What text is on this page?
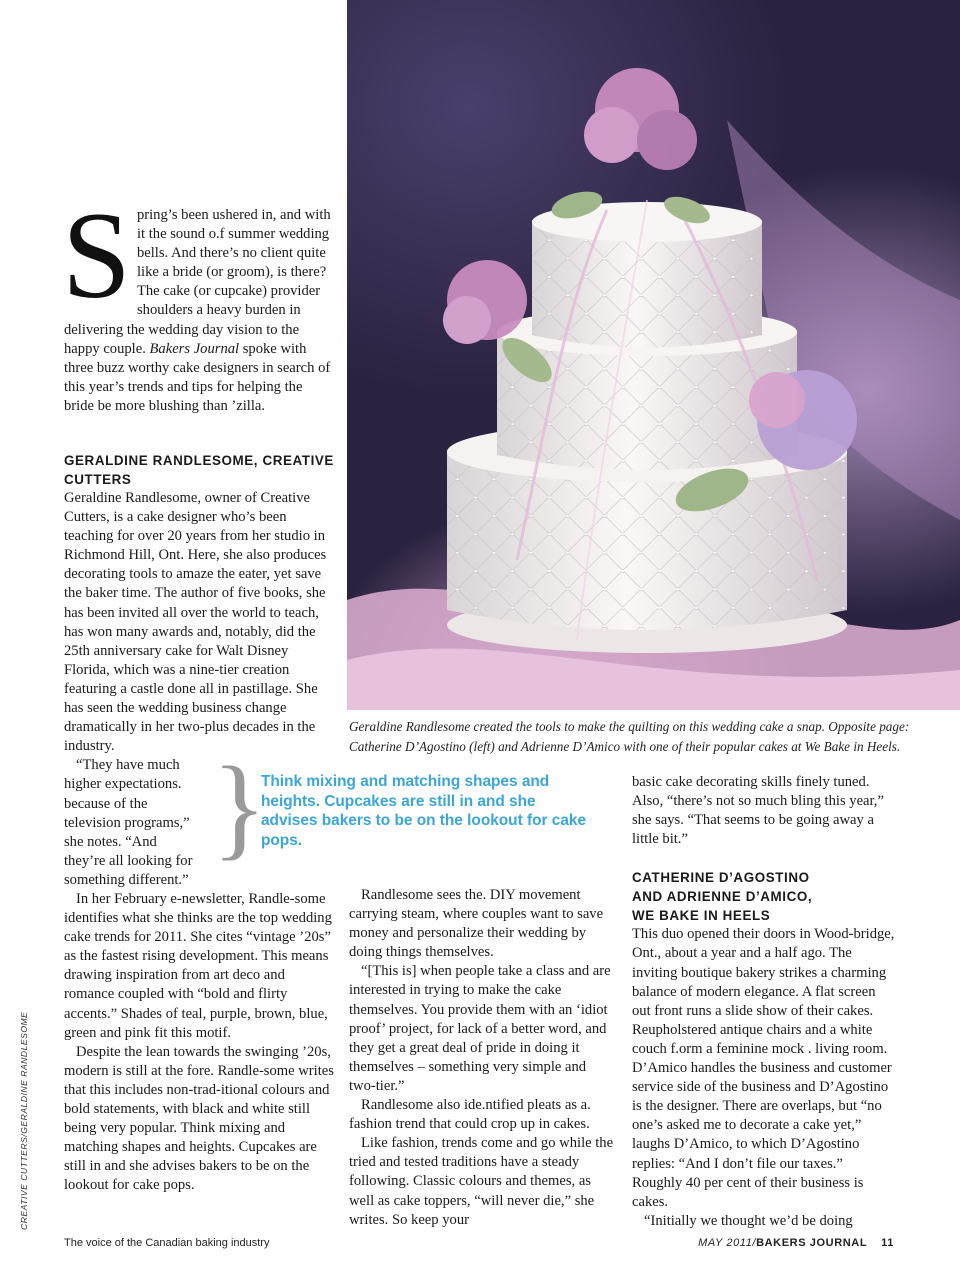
Geraldine Randlesome created the tools to make the quilting on this wedding cake a snap. Opposite page: Catherine D’Agostino (left) and Adrienne D’Amico with one of their popular cakes at We Bake in Heels.
Spring’s been ushered in, and with it the sound o.f summer wedding bells. And there’s no client quite like a bride (or groom), is there? The cake (or cupcake) provider shoulders a heavy burden in delivering the wedding day vision to the happy couple. Bakers Journal spoke with three buzz worthy cake designers in search of this year’s trends and tips for helping the bride be more blushing than ’zilla.
GERALDINE RANDLESOME, CREATIVE CUTTERS

Geraldine Randlesome, owner of Creative Cutters, is a cake designer who’s been teaching for over 20 years from her studio in Richmond Hill, Ont. Here, she also produces decorating tools to amaze the eater, yet save the baker time. The author of five books, she has been invited all over the world to teach, has won many awards and, notably, did the 25th anniversary cake for Walt Disney Florida, which was a nine-tier creation featuring a castle done all in pastillage. She has seen the wedding business change dramatically in her two-plus decades in the industry.

“They have much
higher expectations.
because of the
television programs,”
she notes. “And
they’re all looking for
something different.”

In her February e-newsletter, Randle-some identifies what she thinks are the top wedding cake trends for 2011. She cites “vintage ’20s” as the fastest rising development. This means drawing inspiration from art deco and romance coupled with “bold and flirty accents.” Shades of teal, purple, brown, blue, green and pink fit this motif.

Despite the lean towards the swinging ’20s, modern is still at the fore. Randle-some writes that this includes non-trad-itional colours and bold statements, with black and white still being very popular. Think mixing and matching shapes and heights. Cupcakes are still in and she advises bakers to be on the lookout for cake pops.

}
Think mixing and matching shapes and heights. Cupcakes are still in and she advises bakers to be on the lookout for cake pops.

Randlesome sees the. DIY movement carrying steam, where couples want to save money and personalize their wedding by doing things themselves.

“[This is] when people take a class and are interested in trying to make the cake themselves. You provide them with an ‘idiot proof’ project, for lack of a better word, and they get a great deal of pride in doing it themselves – something very simple and two-tier.”

Randlesome also ide.ntified pleats as a. fashion trend that could crop up in cakes.

Like fashion, trends come and go while the tried and tested traditions have a steady following. Classic colours and themes, as well as cake toppers, “will never die,” she writes. So keep your

basic cake decorating skills finely tuned. Also, “there’s not so much bling this year,” she says. “That seems to be going away a little bit.”

CATHERINE D’AGOSTINO
AND ADRIENNE D’AMICO,
WE BAKE IN HEELS

This duo opened their doors in Wood-bridge, Ont., about a year and a half ago. The inviting boutique bakery strikes a charming balance of modern elegance. A flat screen out front runs a slide show of their cakes. Reupholstered antique chairs and a white couch f.orm a feminine mock . living room. D’Amico handles the business and customer service side of the business and D’Agostino is the designer. There are overlaps, but “no one’s asked me to decorate a cake yet,” laughs D’Amico, to which D’Agostino replies: “And I don’t file our taxes.” Roughly 40 per cent of their business is cakes.

“Initially we thought we’d be doing

CREATIVE CUTTERS/GERALDINE RANDLESOME
The voice of the Canadian baking industry	MAY 2011/BAKERS JOURNAL 11
